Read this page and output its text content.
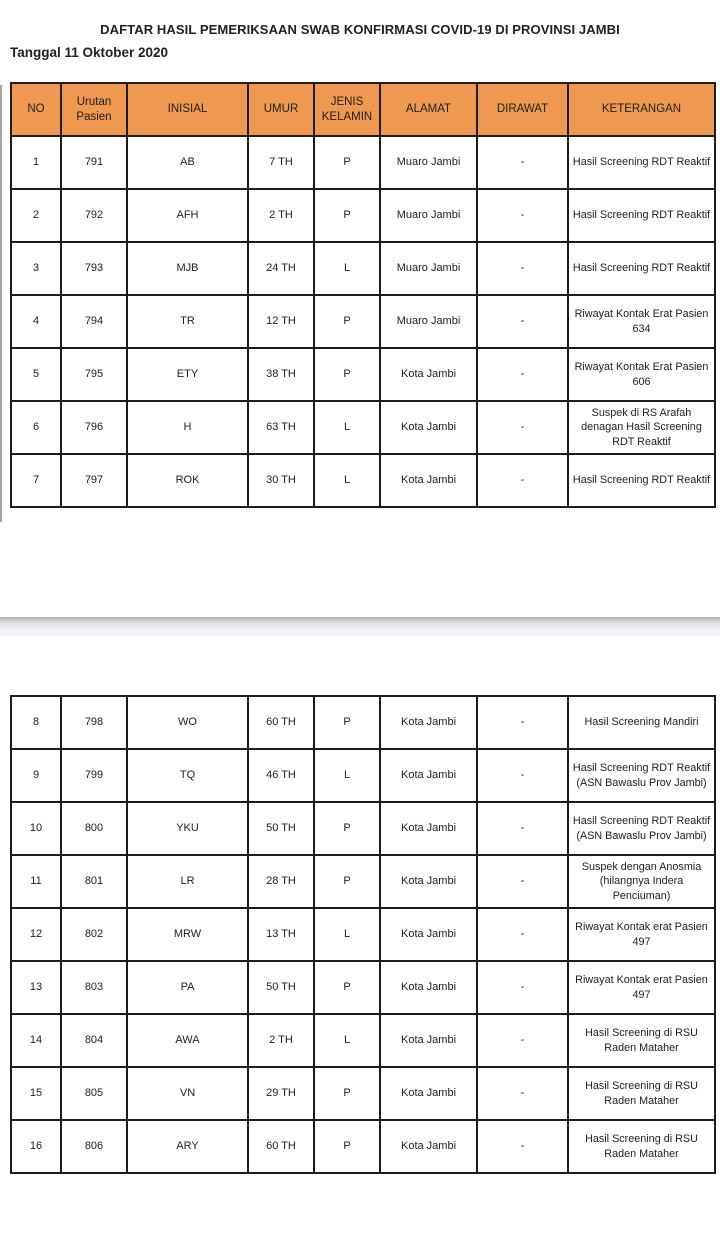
DAFTAR HASIL PEMERIKSAAN SWAB KONFIRMASI COVID-19 DI PROVINSI JAMBI
Tanggal 11 Oktober 2020
NO	Urutan Pasien	INISIAL	UMUR	JENIS KELAMIN	ALAMAT	DIRAWAT	KETERANGAN
1	791	AB	7 TH	P	Muaro Jambi	-	Hasil Screening RDT Reaktif
2	792	AFH	2 TH	P	Muaro Jambi	-	Hasil Screening RDT Reaktif
3	793	MJB	24 TH	L	Muaro Jambi	-	Hasil Screening RDT Reaktif
4	794	TR	12 TH	P	Muaro Jambi	-	Riwayat Kontak Erat Pasien 634
5	795	ETY	38 TH	P	Kota Jambi	-	Riwayat Kontak Erat Pasien 606
6	796	H	63 TH	L	Kota Jambi	-	Suspek di RS Arafah denagan Hasil Screening RDT Reaktif
7	797	ROK	30 TH	L	Kota Jambi	-	Hasil Screening RDT Reaktif
8	798	WO	60 TH	P	Kota Jambi	-	Hasil Screening Mandiri
9	799	TQ	46 TH	L	Kota Jambi	-	Hasil Screening RDT Reaktif (ASN Bawaslu Prov Jambi)
10	800	YKU	50 TH	P	Kota Jambi	-	Hasil Screening RDT Reaktif (ASN Bawaslu Prov Jambi)
11	801	LR	28 TH	P	Kota Jambi	-	Suspek dengan Anosmia (hilangnya Indera Penciuman)
12	802	MRW	13 TH	L	Kota Jambi	-	Riwayat Kontak erat Pasien 497
13	803	PA	50 TH	P	Kota Jambi	-	Riwayat Kontak erat Pasien 497
14	804	AWA	2 TH	L	Kota Jambi	-	Hasil Screening di RSU Raden Mataher
15	805	VN	29 TH	P	Kota Jambi	-	Hasil Screening di RSU Raden Mataher
16	806	ARY	60 TH	P	Kota Jambi	-	Hasil Screening di RSU Raden Mataher
